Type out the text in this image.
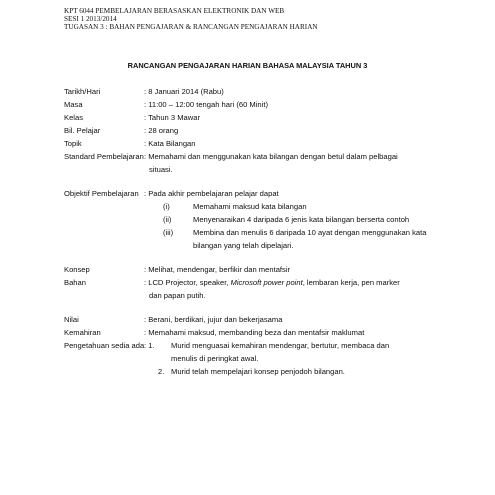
KPT 6044 PEMBELAJARAN BERASASKAN ELEKTRONIK DAN WEB
SESI 1 2013/2014
TUGASAN 3 : BAHAN PENGAJARAN & RANCANGAN PENGAJARAN HARIAN
RANCANGAN PENGAJARAN HARIAN BAHASA MALAYSIA TAHUN 3
Tarikh/Hari	: 8 Januari 2014 (Rabu)
Masa	: 11:00 – 12:00 tengah hari (60 Minit)
Kelas	: Tahun 3 Mawar
Bil. Pelajar	: 28 orang
Topik	: Kata Bilangan
Standard Pembelajaran : Memahami dan menggunakan kata bilangan dengan betul dalam pelbagai
situasi.
Objektif Pembelajaran : Pada akhir pembelajaran pelajar dapat
(i)	Memahami maksud kata bilangan
(ii)	Menyenaraikan 4 daripada 6 jenis kata bilangan berserta contoh
(iii)	Membina dan menulis 6 daripada 10 ayat dengan menggunakan kata
bilangan yang telah dipelajari.
Konsep	: Melihat, mendengar, berfikir dan mentafsir
Bahan	: LCD Projector, speaker, Microsoft power point, lembaran kerja, pen marker
dan papan putih.
Nilai	: Berani, berdikari, jujur dan bekerjasama
Kemahiran	: Memahami maksud, membanding beza dan mentafsir maklumat
Pengetahuan sedia ada : 1. Murid menguasai kemahiran mendengar, bertutur, membaca dan
menulis di peringkat awal.
2. Murid telah mempelajari konsep penjodoh bilangan.
